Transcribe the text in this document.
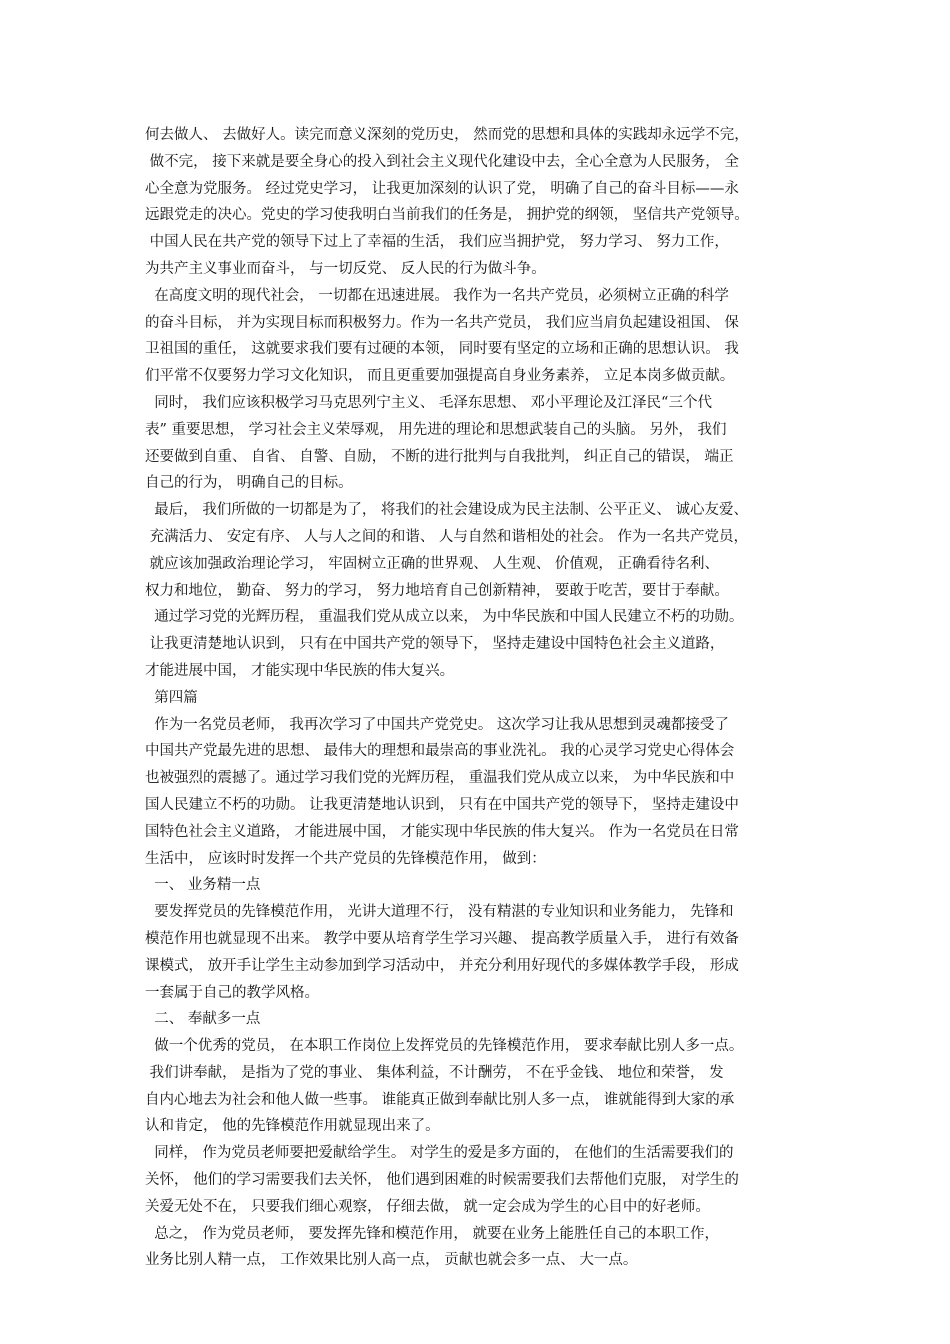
何去做人、 去做好人。读完而意义深刻的党历史， 然而党的思想和具体的实践却永远学不完，
做不完， 接下来就是要全身心的投入到社会主义现代化建设中去，全心全意为人民服务， 全
心全意为党服务。 经过党史学习， 让我更加深刻的认识了党， 明确了自己的奋斗目标——永
远跟党走的决心。党史的学习使我明白当前我们的任务是， 拥护党的纲领， 坚信共产党领导。
中国人民在共产党的领导下过上了幸福的生活， 我们应当拥护党， 努力学习、 努力工作，
为共产主义事业而奋斗， 与一切反党、 反人民的行为做斗争。
在高度文明的现代社会， 一切都在迅速进展。 我作为一名共产党员，必须树立正确的科学
的奋斗目标， 并为实现目标而积极努力。作为一名共产党员， 我们应当肩负起建设祖国、 保
卫祖国的重任， 这就要求我们要有过硬的本领， 同时要有坚定的立场和正确的思想认识。 我
们平常不仅要努力学习文化知识， 而且更重要加强提高自身业务素养， 立足本岗多做贡献。
同时， 我们应该积极学习马克思列宁主义、 毛泽东思想、 邓小平理论及江泽民“三个代
表” 重要思想， 学习社会主义荣辱观， 用先进的理论和思想武装自己的头脑。 另外， 我们
还要做到自重、 自省、 自警、自励， 不断的进行批判与自我批判， 纠正自己的错误， 端正
自己的行为， 明确自己的目标。
最后， 我们所做的一切都是为了， 将我们的社会建设成为民主法制、公平正义、 诚心友爱、
充满活力、 安定有序、 人与人之间的和谐、 人与自然和谐相处的社会。 作为一名共产党员，
就应该加强政治理论学习， 牢固树立正确的世界观、 人生观、 价值观， 正确看待名利、
权力和地位， 勤奋、 努力的学习， 努力地培育自己创新精神， 要敢于吃苦，要甘于奉献。
通过学习党的光辉历程， 重温我们党从成立以来， 为中华民族和中国人民建立不朽的功勋。
让我更清楚地认识到， 只有在中国共产党的领导下， 坚持走建设中国特色社会主义道路，
才能进展中国， 才能实现中华民族的伟大复兴。
第四篇
作为一名党员老师， 我再次学习了中国共产党党史。 这次学习让我从思想到灵魂都接受了
中国共产党最先进的思想、 最伟大的理想和最崇高的事业洗礼。 我的心灵学习党史心得体会
也被强烈的震撼了。通过学习我们党的光辉历程， 重温我们党从成立以来， 为中华民族和中
国人民建立不朽的功勋。 让我更清楚地认识到， 只有在中国共产党的领导下， 坚持走建设中
国特色社会主义道路， 才能进展中国， 才能实现中华民族的伟大复兴。 作为一名党员在日常
生活中， 应该时时发挥一个共产党员的先锋模范作用， 做到：
一、 业务精一点
要发挥党员的先锋模范作用， 光讲大道理不行， 没有精湛的专业知识和业务能力， 先锋和
模范作用也就显现不出来。 教学中要从培育学生学习兴趣、 提高教学质量入手， 进行有效备
课模式， 放开手让学生主动参加到学习活动中， 并充分利用好现代的多媒体教学手段， 形成
一套属于自己的教学风格。
二、 奉献多一点
做一个优秀的党员， 在本职工作岗位上发挥党员的先锋模范作用， 要求奉献比别人多一点。
我们讲奉献， 是指为了党的事业、 集体利益，不计酬劳， 不在乎金钱、 地位和荣誉， 发
自内心地去为社会和他人做一些事。 谁能真正做到奉献比别人多一点， 谁就能得到大家的承
认和肯定， 他的先锋模范作用就显现出来了。
同样， 作为党员老师要把爱献给学生。 对学生的爱是多方面的， 在他们的生活需要我们的
关怀， 他们的学习需要我们去关怀， 他们遇到困难的时候需要我们去帮他们克服， 对学生的
关爱无处不在， 只要我们细心观察， 仔细去做， 就一定会成为学生的心目中的好老师。
总之， 作为党员老师， 要发挥先锋和模范作用， 就要在业务上能胜任自己的本职工作，
业务比别人精一点， 工作效果比别人高一点， 贡献也就会多一点、 大一点。
